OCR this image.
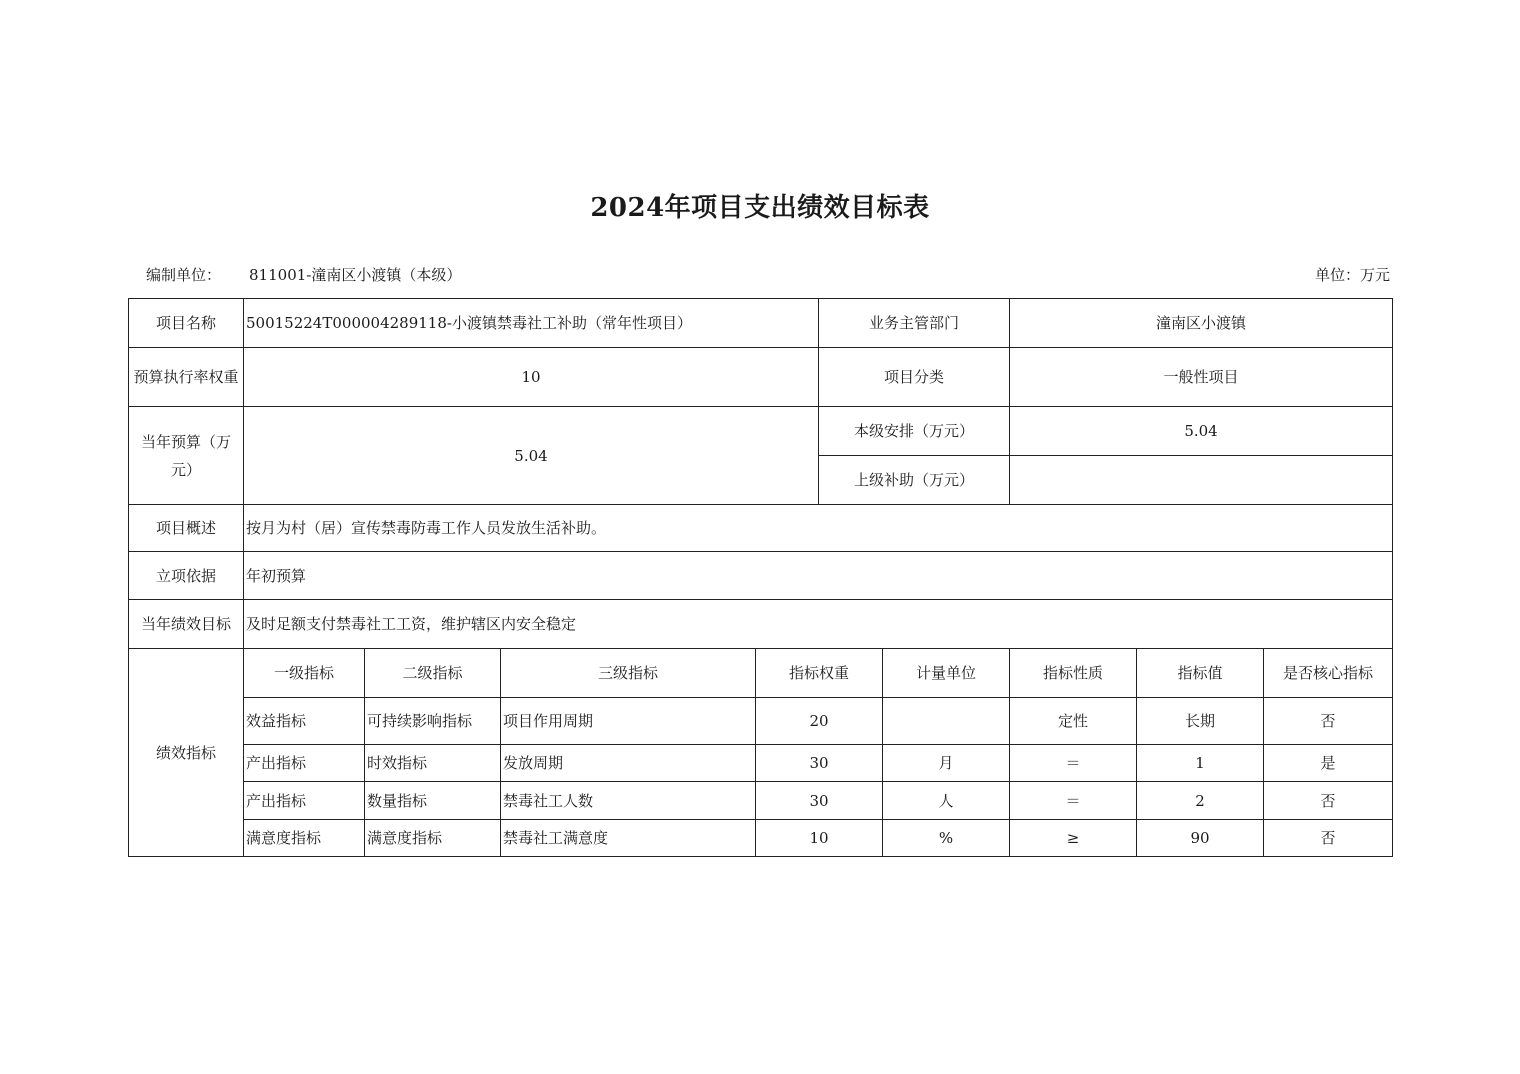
2024年项目支出绩效目标表
编制单位： 811001-潼南区小渡镇（本级）	单位：万元
项目名称	50015224T000004289118-小渡镇禁毒社工补助（常年性项目）				业务主管部门		潼南区小渡镇		
预算执行率权重	10				项目分类		一般性项目		
当年预算（万元）	5.04				本级安排（万元）		5.04		
					上级补助（万元）				
项目概述	按月为村（居）宣传禁毒防毒工作人员发放生活补助。								
立项依据	年初预算								
当年绩效目标	及时足额支付禁毒社工工资，维护辖区内安全稳定								
绩效指标	一级指标	二级指标	三级指标	指标权重		计量单位	指标性质	指标值	是否核心指标
	效益指标	可持续影响指标	项目作用周期	20			定性	长期	否
	产出指标	时效指标	发放周期	30		月	＝	1	是
	产出指标	数量指标	禁毒社工人数	30		人	＝	2	否
	满意度指标	满意度指标	禁毒社工满意度	10		%	≥	90	否
